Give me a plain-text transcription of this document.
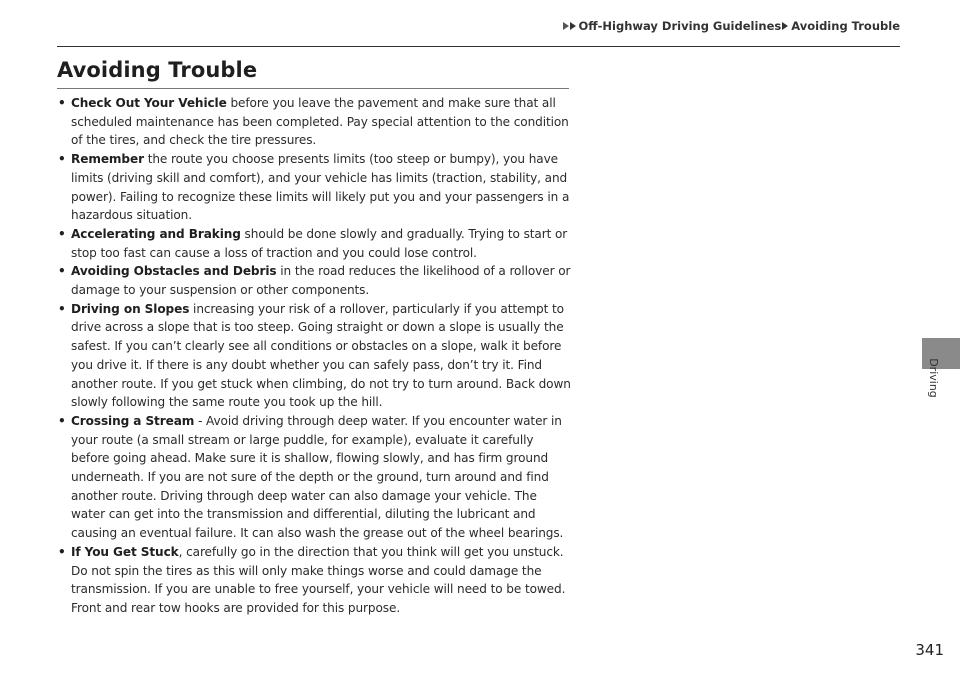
Off-Highway Driving Guidelines Avoiding Trouble
Avoiding Trouble
• Check Out Your Vehicle before you leave the pavement and make sure that all scheduled maintenance has been completed. Pay special attention to the condition of the tires, and check the tire pressures.
• Remember the route you choose presents limits (too steep or bumpy), you have limits (driving skill and comfort), and your vehicle has limits (traction, stability, and power). Failing to recognize these limits will likely put you and your passengers in a hazardous situation.
• Accelerating and Braking should be done slowly and gradually. Trying to start or stop too fast can cause a loss of traction and you could lose control.
• Avoiding Obstacles and Debris in the road reduces the likelihood of a rollover or damage to your suspension or other components.
• Driving on Slopes increasing your risk of a rollover, particularly if you attempt to drive across a slope that is too steep. Going straight or down a slope is usually the safest. If you can’t clearly see all conditions or obstacles on a slope, walk it before you drive it. If there is any doubt whether you can safely pass, don’t try it. Find another route. If you get stuck when climbing, do not try to turn around. Back down slowly following the same route you took up the hill.
• Crossing a Stream - Avoid driving through deep water. If you encounter water in your route (a small stream or large puddle, for example), evaluate it carefully before going ahead. Make sure it is shallow, flowing slowly, and has firm ground underneath. If you are not sure of the depth or the ground, turn around and find another route. Driving through deep water can also damage your vehicle. The water can get into the transmission and differential, diluting the lubricant and causing an eventual failure. It can also wash the grease out of the wheel bearings.
• If You Get Stuck, carefully go in the direction that you think will get you unstuck. Do not spin the tires as this will only make things worse and could damage the transmission. If you are unable to free yourself, your vehicle will need to be towed. Front and rear tow hooks are provided for this purpose.
Driving
341
